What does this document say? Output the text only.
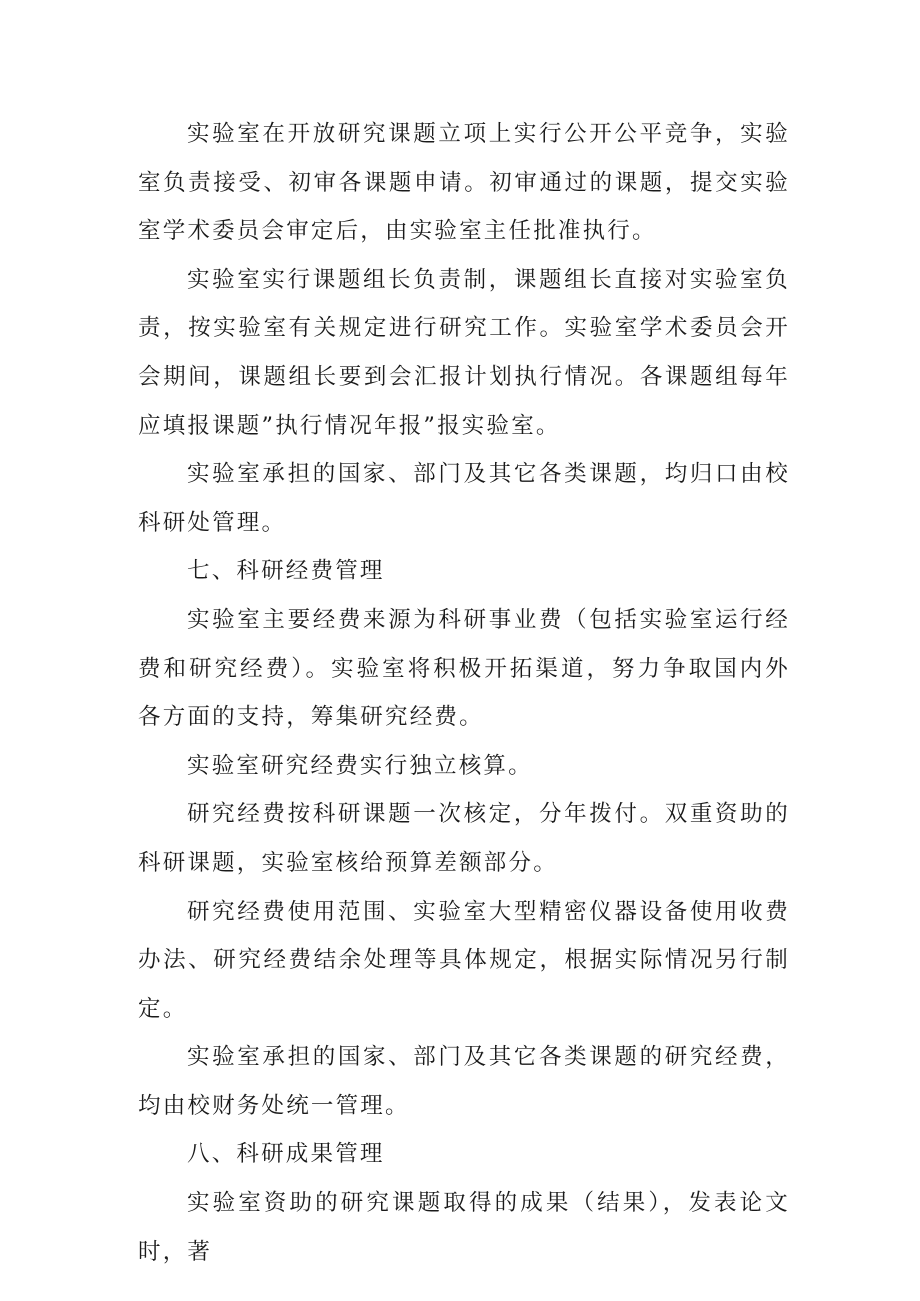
实验室在开放研究课题立项上实行公开公平竞争，实验室负责接受、初审各课题申请。初审通过的课题，提交实验室学术委员会审定后，由实验室主任批准执行。

实验室实行课题组长负责制，课题组长直接对实验室负责，按实验室有关规定进行研究工作。实验室学术委员会开会期间，课题组长要到会汇报计划执行情况。各课题组每年应填报课题”执行情况年报”报实验室。

实验室承担的国家、部门及其它各类课题，均归口由校科研处管理。

七、科研经费管理

实验室主要经费来源为科研事业费（包括实验室运行经费和研究经费）。实验室将积极开拓渠道，努力争取国内外各方面的支持，筹集研究经费。

实验室研究经费实行独立核算。

研究经费按科研课题一次核定，分年拨付。双重资助的科研课题，实验室核给预算差额部分。

研究经费使用范围、实验室大型精密仪器设备使用收费办法、研究经费结余处理等具体规定，根据实际情况另行制定。

实验室承担的国家、部门及其它各类课题的研究经费，均由校财务处统一管理。

八、科研成果管理

实验室资助的研究课题取得的成果（结果），发表论文时，著
